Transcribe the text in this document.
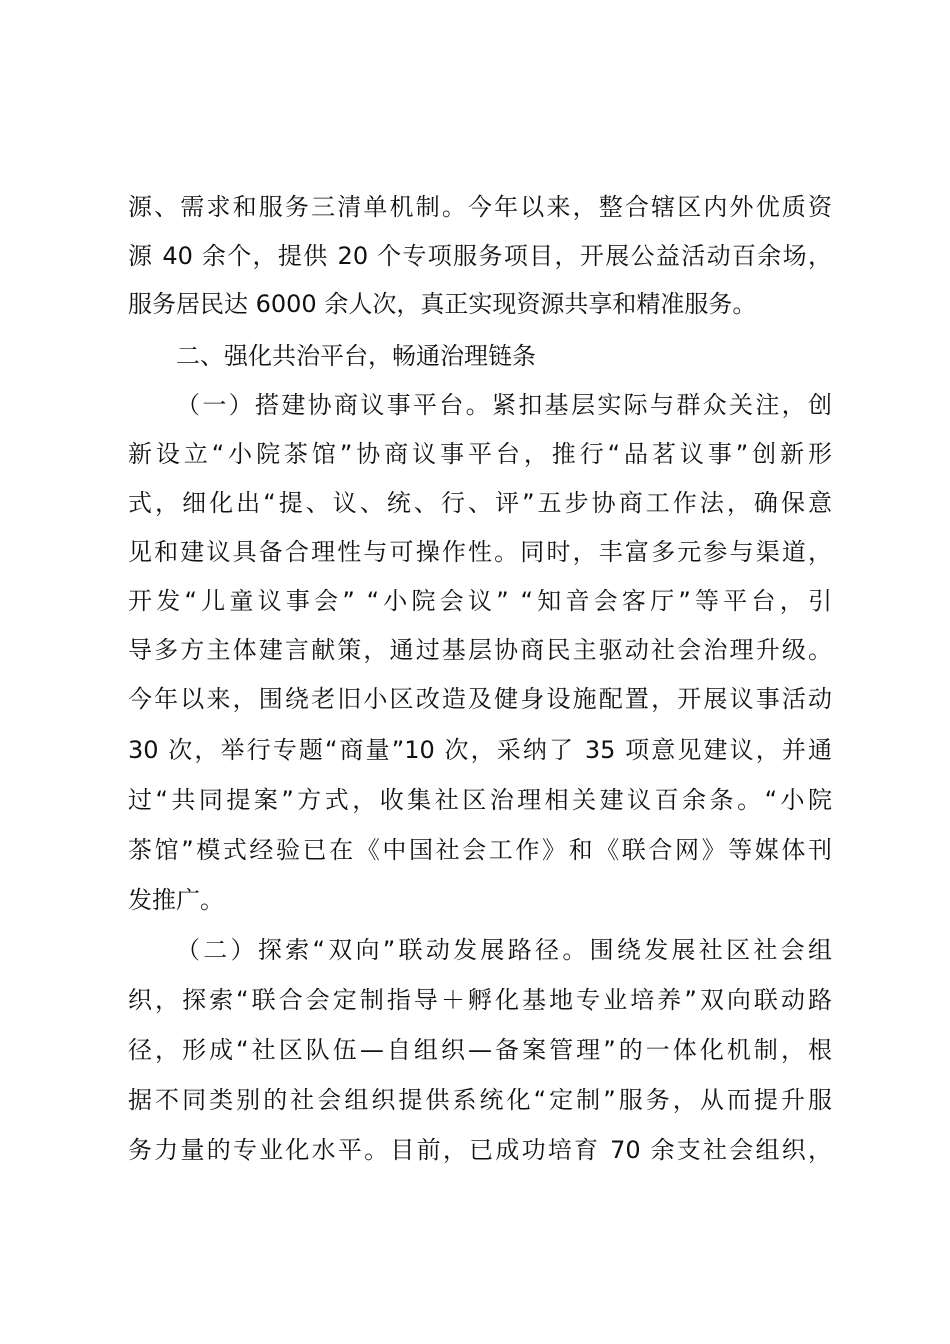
源、需求和服务三清单机制。今年以来，整合辖区内外优质资
源 40 余个，提供 20 个专项服务项目，开展公益活动百余场，
服务居民达 6000 余人次，真正实现资源共享和精准服务。
二、强化共治平台，畅通治理链条
（一）搭建协商议事平台。紧扣基层实际与群众关注，创
新设立“小院茶馆”协商议事平台，推行“品茗议事”创新形
式，细化出“提、议、统、行、评”五步协商工作法，确保意
见和建议具备合理性与可操作性。同时，丰富多元参与渠道，
开发“儿童议事会” “小院会议” “知音会客厅”等平台，引
导多方主体建言献策，通过基层协商民主驱动社会治理升级。
今年以来，围绕老旧小区改造及健身设施配置，开展议事活动
30 次，举行专题“商量”10 次，采纳了 35 项意见建议，并通
过“共同提案”方式，收集社区治理相关建议百余条。“小院
茶馆”模式经验已在《中国社会工作》和《联合网》等媒体刊
发推广。
（二）探索“双向”联动发展路径。围绕发展社区社会组
织，探索“联合会定制指导＋孵化基地专业培养”双向联动路
径，形成“社区队伍—自组织—备案管理”的一体化机制，根
据不同类别的社会组织提供系统化“定制”服务，从而提升服
务力量的专业化水平。目前，已成功培育 70 余支社会组织，
